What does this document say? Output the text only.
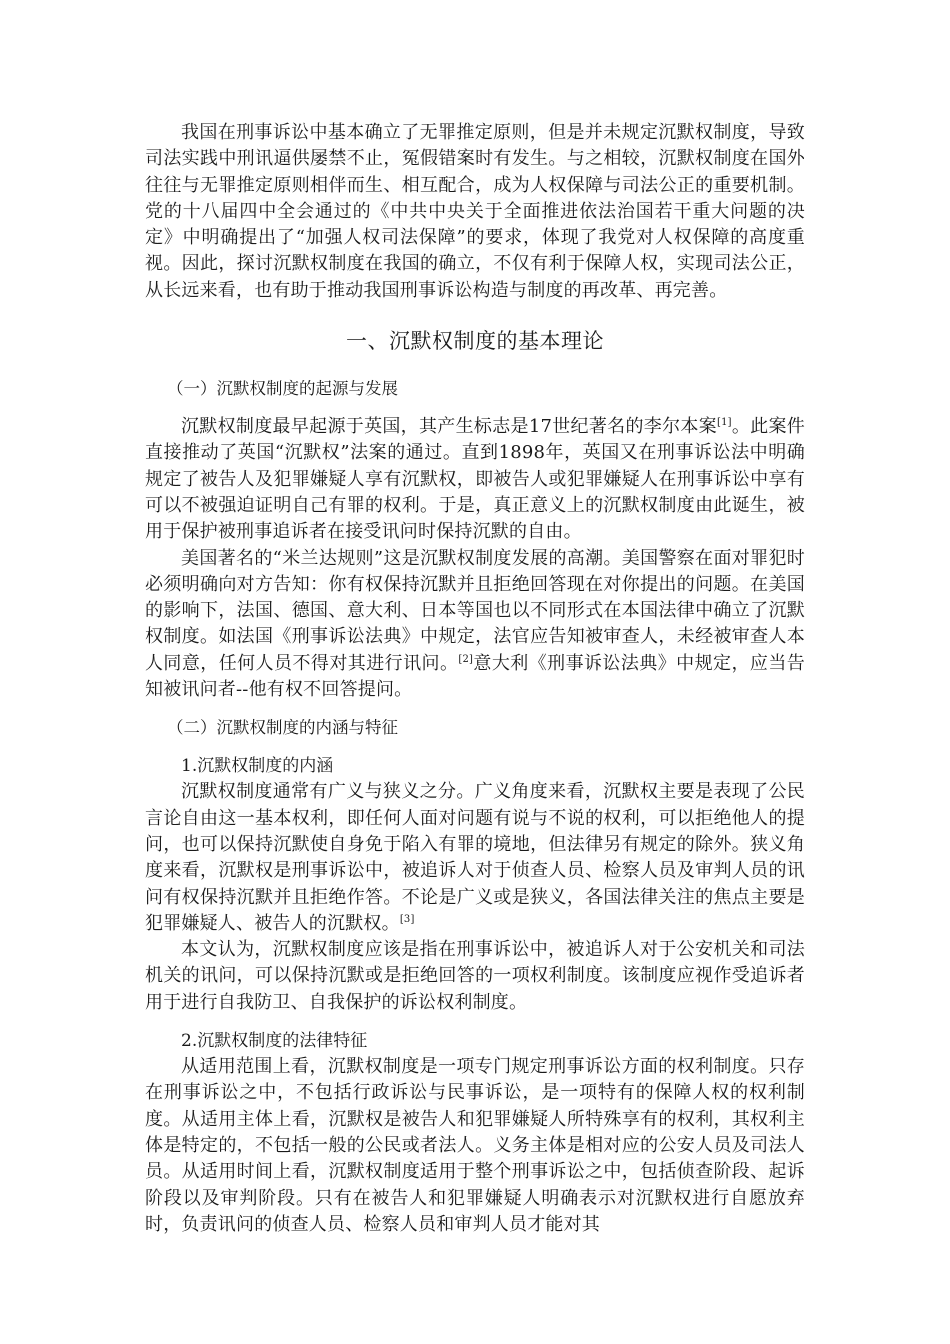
我国在刑事诉讼中基本确立了无罪推定原则，但是并未规定沉默权制度，导致司法实践中刑讯逼供屡禁不止，冤假错案时有发生。与之相较，沉默权制度在国外往往与无罪推定原则相伴而生、相互配合，成为人权保障与司法公正的重要机制。党的十八届四中全会通过的《中共中央关于全面推进依法治国若干重大问题的决定》中明确提出了“加强人权司法保障”的要求，体现了我党对人权保障的高度重视。因此，探讨沉默权制度在我国的确立，不仅有利于保障人权，实现司法公正，从长远来看，也有助于推动我国刑事诉讼构造与制度的再改革、再完善。

一、沉默权制度的基本理论
（一）沉默权制度的起源与发展

沉默权制度最早起源于英国，其产生标志是17世纪著名的李尔本案[1]。此案件直接推动了英国“沉默权”法案的通过。直到1898年，英国又在刑事诉讼法中明确规定了被告人及犯罪嫌疑人享有沉默权，即被告人或犯罪嫌疑人在刑事诉讼中享有可以不被强迫证明自己有罪的权利。于是，真正意义上的沉默权制度由此诞生，被用于保护被刑事追诉者在接受讯问时保持沉默的自由。

美国著名的“米兰达规则”这是沉默权制度发展的高潮。美国警察在面对罪犯时必须明确向对方告知：你有权保持沉默并且拒绝回答现在对你提出的问题。在美国的影响下，法国、德国、意大利、日本等国也以不同形式在本国法律中确立了沉默权制度。如法国《刑事诉讼法典》中规定，法官应告知被审查人，未经被审查人本人同意，任何人员不得对其进行讯问。[2]意大利《刑事诉讼法典》中规定，应当告知被讯问者--他有权不回答提问。

（二）沉默权制度的内涵与特征
1.沉默权制度的内涵

沉默权制度通常有广义与狭义之分。广义角度来看，沉默权主要是表现了公民言论自由这一基本权利，即任何人面对问题有说与不说的权利，可以拒绝他人的提问，也可以保持沉默使自身免于陷入有罪的境地，但法律另有规定的除外。狭义角度来看，沉默权是刑事诉讼中，被追诉人对于侦查人员、检察人员及审判人员的讯问有权保持沉默并且拒绝作答。不论是广义或是狭义，各国法律关注的焦点主要是犯罪嫌疑人、被告人的沉默权。[3]

本文认为，沉默权制度应该是指在刑事诉讼中，被追诉人对于公安机关和司法机关的讯问，可以保持沉默或是拒绝回答的一项权利制度。该制度应视作受追诉者用于进行自我防卫、自我保护的诉讼权利制度。

2.沉默权制度的法律特征

从适用范围上看，沉默权制度是一项专门规定刑事诉讼方面的权利制度。只存在刑事诉讼之中，不包括行政诉讼与民事诉讼，是一项特有的保障人权的权利制度。从适用主体上看，沉默权是被告人和犯罪嫌疑人所特殊享有的权利，其权利主体是特定的，不包括一般的公民或者法人。义务主体是相对应的公安人员及司法人员。从适用时间上看，沉默权制度适用于整个刑事诉讼之中，包括侦查阶段、起诉阶段以及审判阶段。只有在被告人和犯罪嫌疑人明确表示对沉默权进行自愿放弃时，负责讯问的侦查人员、检察人员和审判人员才能对其
